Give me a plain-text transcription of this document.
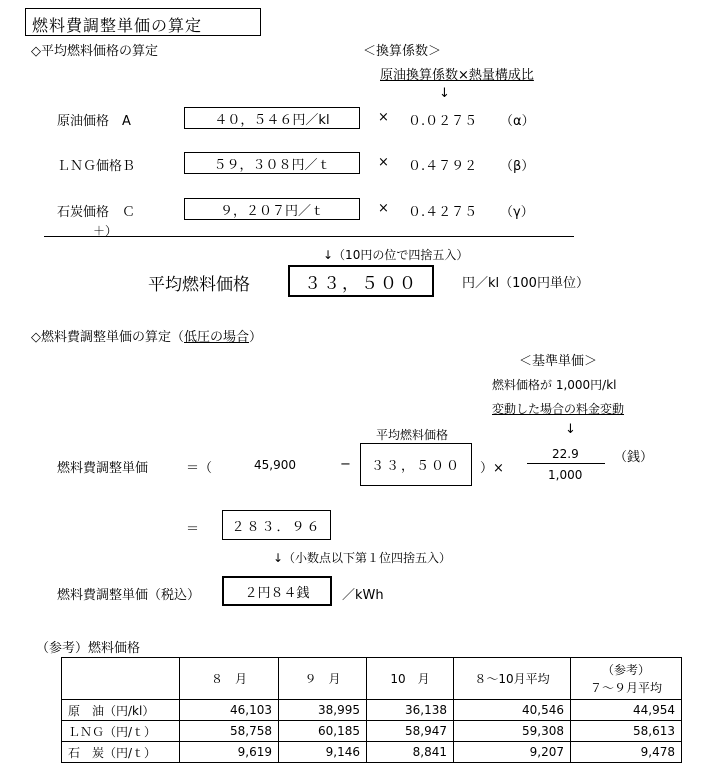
燃料費調整単価の算定
◇平均燃料価格の算定	＜換算係数＞
原油換算係数×熱量構成比
↓
原油価格　A	４０，５４６円／kl	× ０.０２７５ （α）
ＬＮＧ価格Ｂ	５９，３０８円／ｔ	× ０.４７９２ （β）
石炭価格　Ｃ	９，２０７円／ｔ	× ０.４２７５ （γ）
＋）
↓（10円の位で四捨五入）
平均燃料価格	３３，５００	円／kl（100円単位）
◇燃料費調整単価の算定（低圧の場合）
＜基準単価＞
燃料価格が 1,000円/kl
変動した場合の料金変動
↓
平均燃料価格
燃料費調整単価	＝（	45,900	− ３３，５００ ）×
22.9
1,000
（銭）
＝ ２８３．９６
↓（小数点以下第１位四捨五入）
燃料費調整単価（税込）	２円８４銭	／kWh
（参考）燃料価格
	８　月	９　月	10　月	８〜10月平均	（参考）
７〜９月平均

原　油（円/kl）	46,103	38,995	36,138	40,546	44,954
ＬＮＧ（円/ｔ）	58,758	60,185	58,947	59,308	58,613
石　炭（円/ｔ）	9,619	9,146	8,841	9,207	9,478
